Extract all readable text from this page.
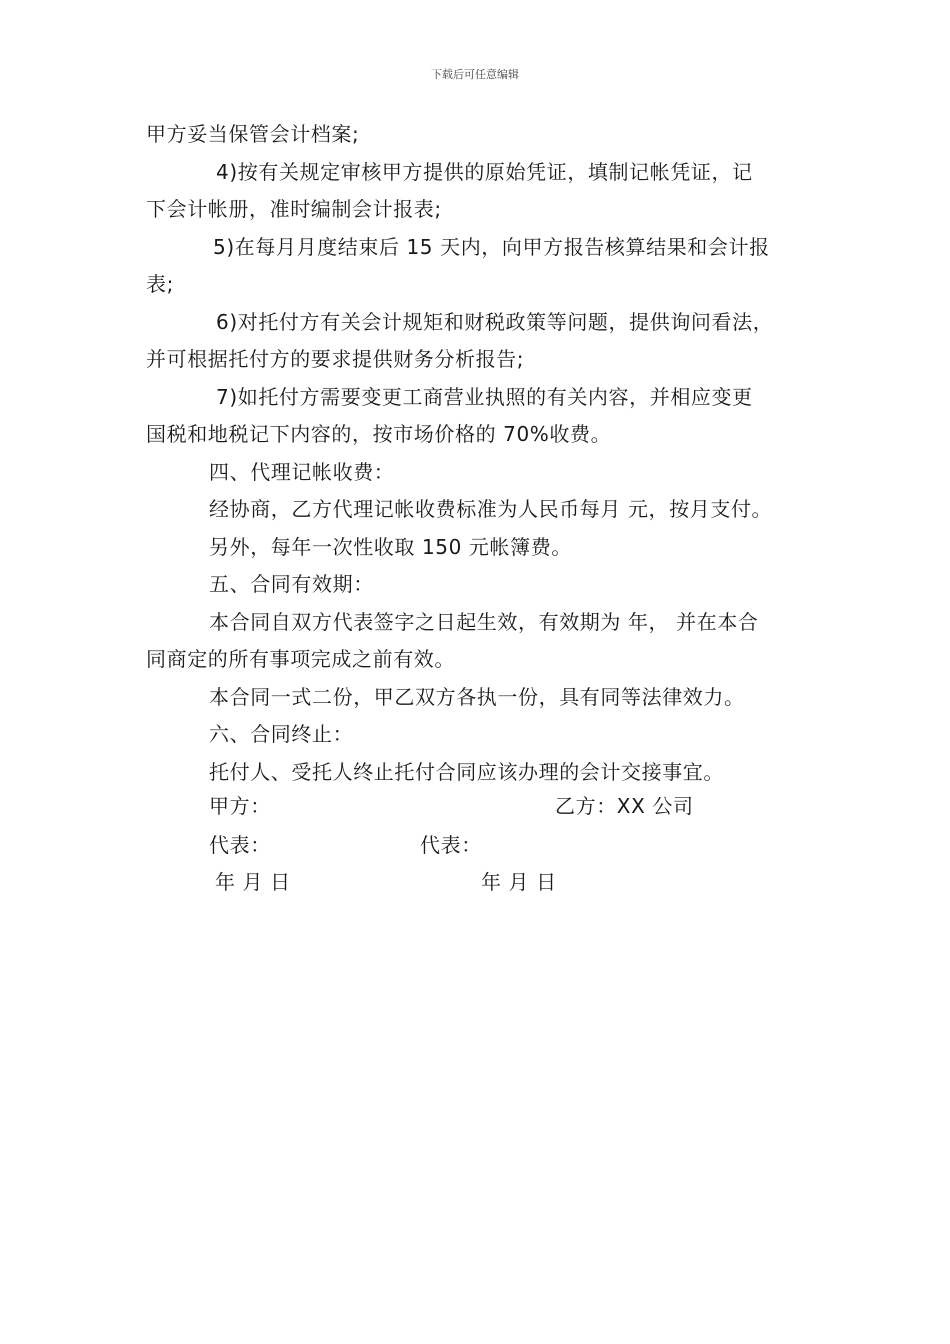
下载后可任意编辑
甲方妥当保管会计档案;
4)按有关规定审核甲方提供的原始凭证，填制记帐凭证，记
下会计帐册，准时编制会计报表;
5)在每月月度结束后 15 天内，向甲方报告核算结果和会计报
表;
6)对托付方有关会计规矩和财税政策等问题，提供询问看法，
并可根据托付方的要求提供财务分析报告;
7)如托付方需要变更工商营业执照的有关内容，并相应变更
国税和地税记下内容的，按市场价格的 70%收费。
四、代理记帐收费：
经协商，乙方代理记帐收费标准为人民币每月 元，按月支付。
另外，每年一次性收取 150 元帐簿费。
五、合同有效期：
本合同自双方代表签字之日起生效，有效期为 年， 并在本合
同商定的所有事项完成之前有效。
本合同一式二份，甲乙双方各执一份，具有同等法律效力。
六、合同终止：
托付人、受托人终止托付合同应该办理的会计交接事宜。
甲方：	乙方：XX 公司
代表：	代表：
年 月 日	年 月 日
